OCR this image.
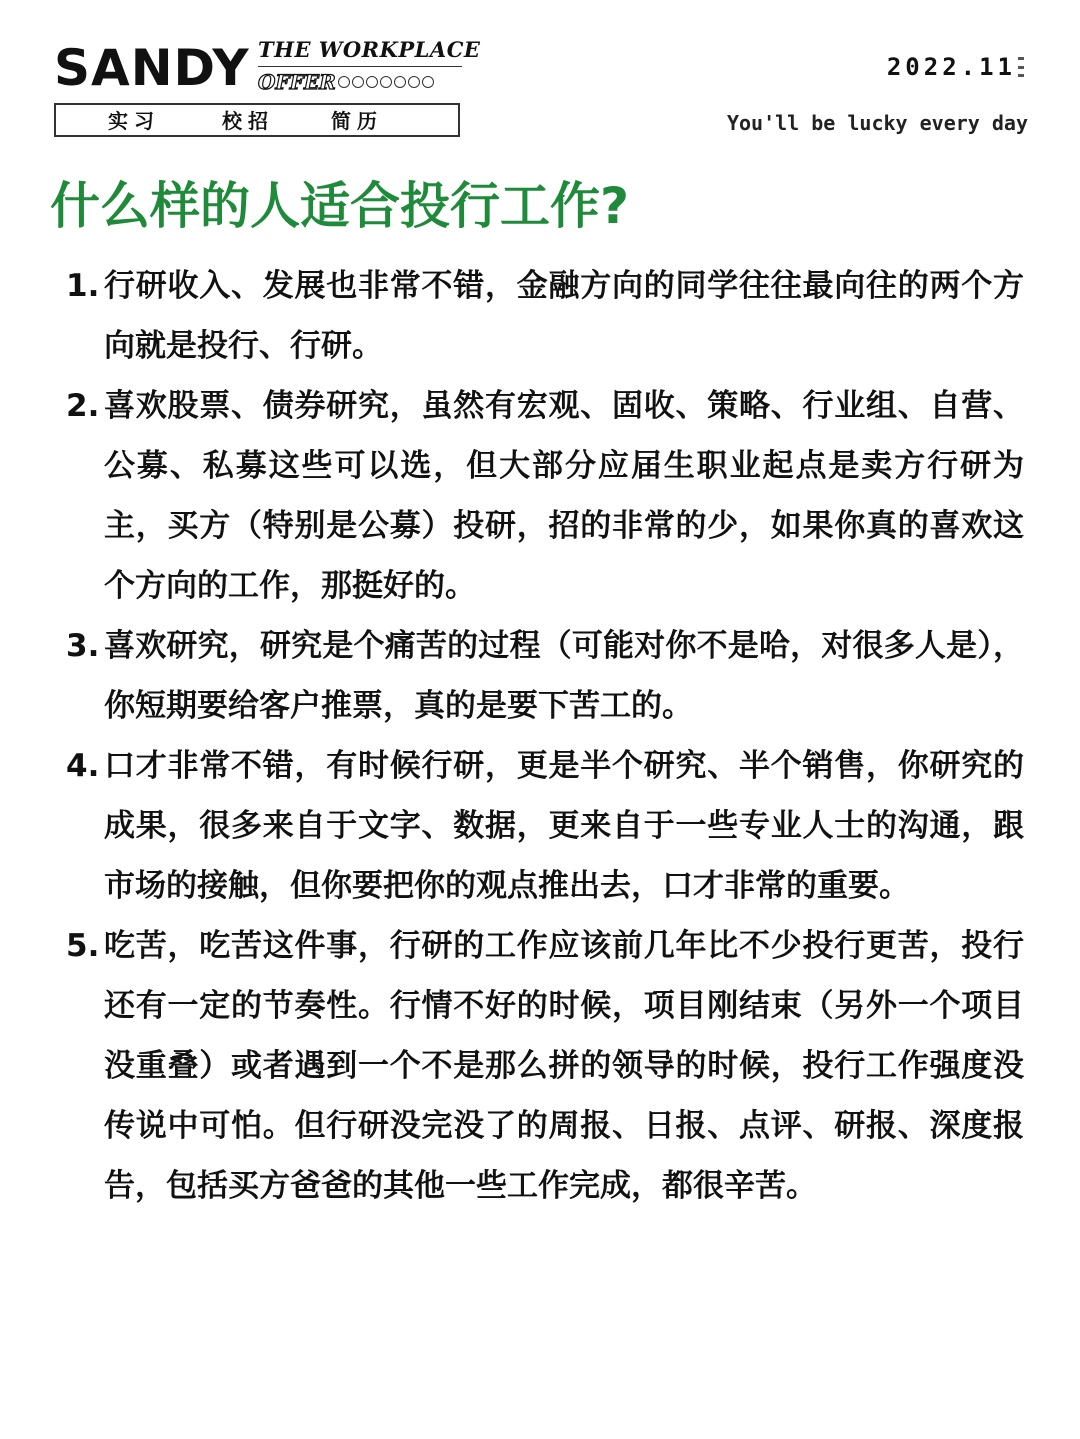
SANDY THE WORKPLACE
OFFER
实习	校招	简历
2022.11
You'll be lucky every day
什么样的人适合投行工作?
1. 行研收入、发展也非常不错，金融方向的同学往往最向往的两个方向就是投行、行研。
2. 喜欢股票、债券研究，虽然有宏观、固收、策略、行业组、自营、公募、私募这些可以选，但大部分应届生职业起点是卖方行研为主，买方（特别是公募）投研，招的非常的少，如果你真的喜欢这个方向的工作，那挺好的。
3. 喜欢研究，研究是个痛苦的过程（可能对你不是哈，对很多人是），你短期要给客户推票，真的是要下苦工的。
4. 口才非常不错，有时候行研，更是半个研究、半个销售，你研究的成果，很多来自于文字、数据，更来自于一些专业人士的沟通，跟市场的接触，但你要把你的观点推出去，口才非常的重要。
5. 吃苦，吃苦这件事，行研的工作应该前几年比不少投行更苦，投行还有一定的节奏性。行情不好的时候，项目刚结束（另外一个项目没重叠）或者遇到一个不是那么拼的领导的时候，投行工作强度没传说中可怕。但行研没完没了的周报、日报、点评、研报、深度报告，包括买方爸爸的其他一些工作完成，都很辛苦。
